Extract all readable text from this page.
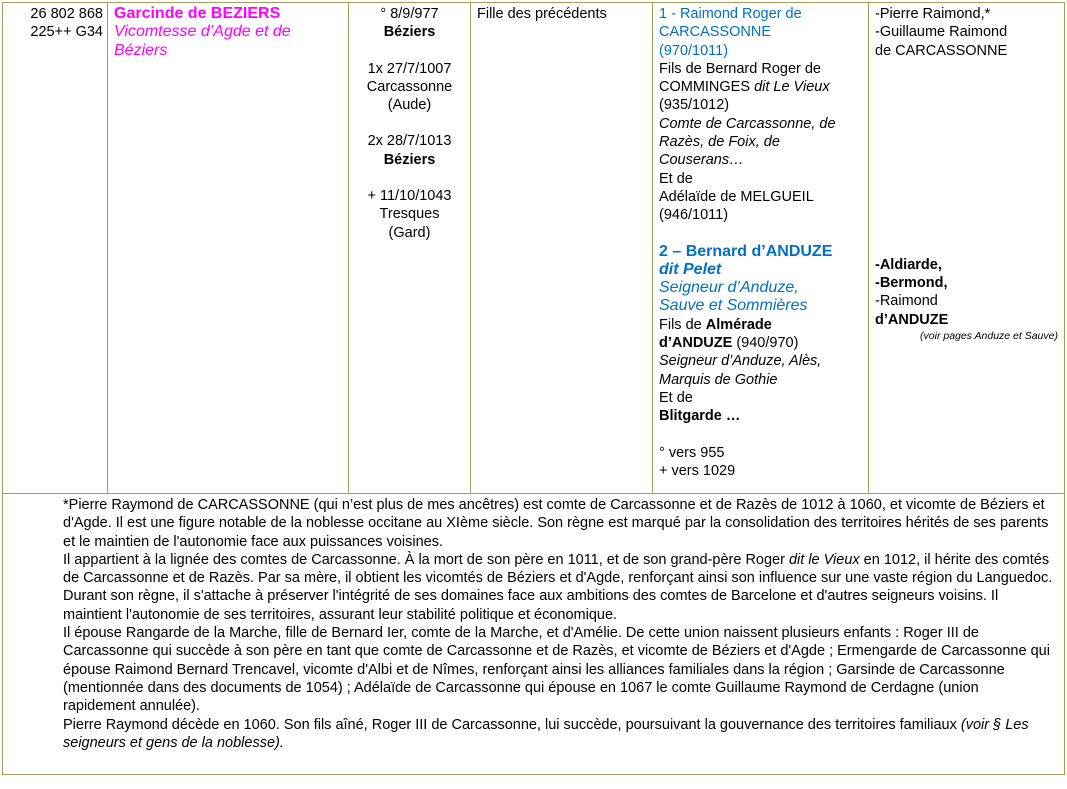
26 802 868
225++ G34
Garcinde de BEZIERS
Vicomtesse d’Agde et de
Béziers
° 8/9/977
Béziers
1x 27/7/1007
Carcassonne
(Aude)
2x 28/7/1013
Béziers
+ 11/10/1043
Tresques
(Gard)
Fille des précédents	1 - Raimond Roger de
CARCASSONNE
(970/1011)
Fils de Bernard Roger de
COMMINGES dit Le Vieux
(935/1012)
Comte de Carcassonne, de
Razès, de Foix, de
Couserans…
Et de
Adélaïde de MELGUEIL
(946/1011)
2 – Bernard d’ANDUZE
dit Pelet
Seigneur d’Anduze,
Sauve et Sommières
Fils de Almérade
d’ANDUZE (940/970)
Seigneur d’Anduze, Alès,
Marquis de Gothie
Et de
Blitgarde …
° vers 955
+ vers 1029
-Pierre Raimond,*
-Guillaume Raimond
de CARCASSONNE
-Aldiarde,
-Bermond,
-Raimond
d’ANDUZE
(voir pages Anduze et Sauve)
*Pierre Raymond de CARCASSONNE (qui n’est plus de mes ancêtres) est comte de Carcassonne et de Razès de 1012 à 1060, et vicomte de Béziers et d'Agde. Il est une figure notable de la noblesse occitane au XIème siècle. Son règne est marqué par la consolidation des territoires hérités de ses parents et le maintien de l'autonomie face aux puissances voisines.
Il appartient à la lignée des comtes de Carcassonne. À la mort de son père en 1011, et de son grand-père Roger dit le Vieux en 1012, il hérite des comtés de Carcassonne et de Razès. Par sa mère, il obtient les vicomtés de Béziers et d'Agde, renforçant ainsi son influence sur une vaste région du Languedoc.
Durant son règne, il s'attache à préserver l'intégrité de ses domaines face aux ambitions des comtes de Barcelone et d'autres seigneurs voisins. Il maintient l'autonomie de ses territoires, assurant leur stabilité politique et économique.
Il épouse Rangarde de la Marche, fille de Bernard Ier, comte de la Marche, et d'Amélie. De cette union naissent plusieurs enfants : Roger III de Carcassonne qui succède à son père en tant que comte de Carcassonne et de Razès, et vicomte de Béziers et d'Agde ; Ermengarde de Carcassonne qui épouse Raimond Bernard Trencavel, vicomte d'Albi et de Nîmes, renforçant ainsi les alliances familiales dans la région ; Garsinde de Carcassonne (mentionnée dans des documents de 1054) ; Adélaïde de Carcassonne qui épouse en 1067 le comte Guillaume Raymond de Cerdagne (union rapidement annulée).
Pierre Raymond décède en 1060. Son fils aîné, Roger III de Carcassonne, lui succède, poursuivant la gouvernance des territoires familiaux (voir § Les seigneurs et gens de la noblesse).
